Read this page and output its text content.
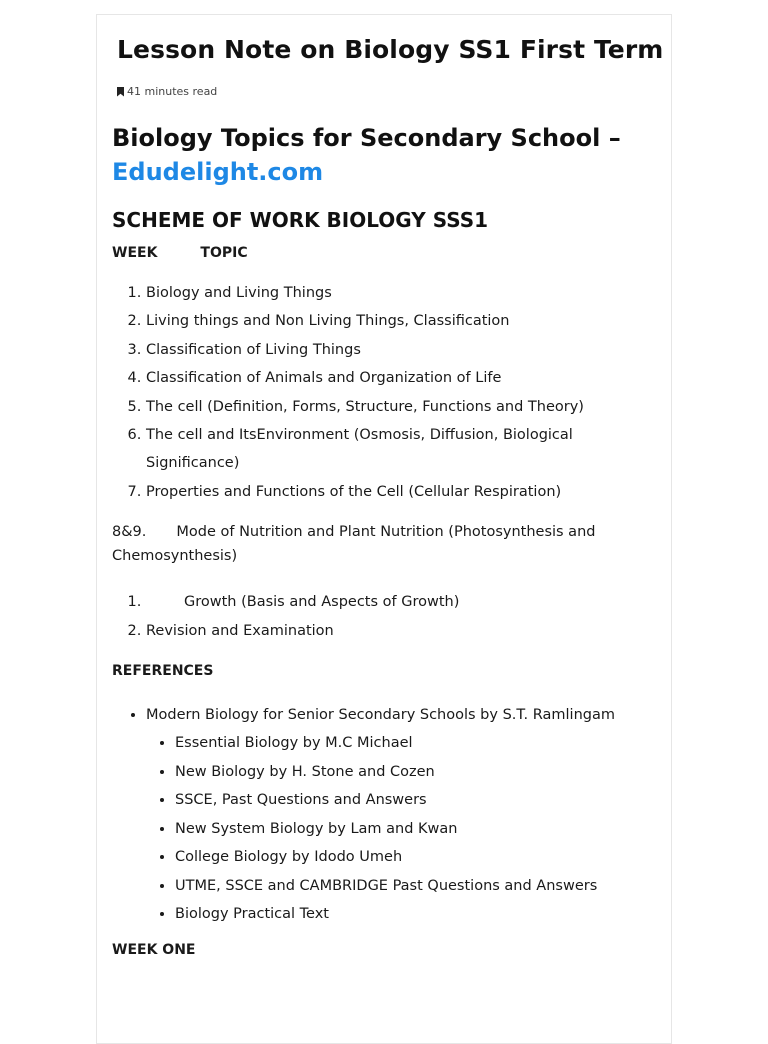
Lesson Note on Biology SS1 First Term
41 minutes read
Biology Topics for Secondary School –
Edudelight.com
SCHEME OF WORK BIOLOGY SSS1
WEEK	TOPIC
1. Biology and Living Things
2. Living things and Non Living Things, Classification
3. Classification of Living Things
4. Classification of Animals and Organization of Life
5. The cell (Definition, Forms, Structure, Functions and Theory)
6. The cell and ItsEnvironment (Osmosis, Diffusion, Biological Significance)
7. Properties and Functions of the Cell (Cellular Respiration)
8&9. Mode of Nutrition and Plant Nutrition (Photosynthesis and Chemosynthesis)
1. Growth (Basis and Aspects of Growth)
2. Revision and Examination
REFERENCES
• Modern Biology for Senior Secondary Schools by S.T. Ramlingam
• Essential Biology by M.C Michael
• New Biology by H. Stone and Cozen
• SSCE, Past Questions and Answers
• New System Biology by Lam and Kwan
• College Biology by Idodo Umeh
• UTME, SSCE and CAMBRIDGE Past Questions and Answers
• Biology Practical Text
WEEK ONE
